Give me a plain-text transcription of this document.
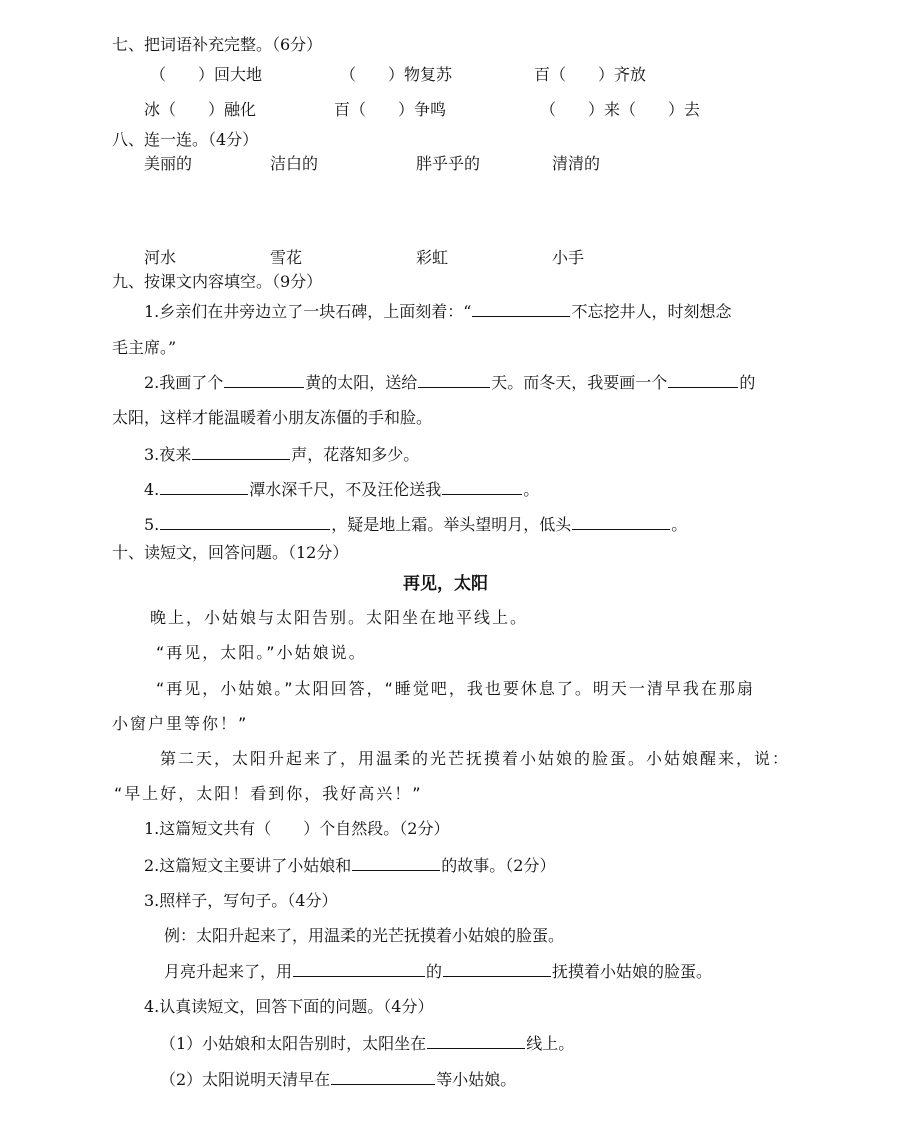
七、把词语补充完整。（6分）
（　　）回大地	（　　）物复苏	百（　　）齐放
冰（　　）融化	百（　　）争鸣	（　　）来（　　）去
八、连一连。（4分）
美丽的	洁白的	胖乎乎的	清清的
河水	雪花	彩虹	小手
九、按课文内容填空。（9分）
1.乡亲们在井旁边立了一块石碑，上面刻着：“	不忘挖井人，时刻想念
毛主席。”
2.我画了个	黄的太阳，送给	天。而冬天，我要画一个	的
太阳，这样才能温暖着小朋友冻僵的手和脸。
3.夜来	声，花落知多少。
4.	潭水深千尺，不及汪伦送我	。
5.	，疑是地上霜。举头望明月，低头	。
十、读短文，回答问题。（12分）
再见，太阳
晚上，小姑娘与太阳告别。太阳坐在地平线上。
“再见，太阳。”小姑娘说。
“再见，小姑娘。”太阳回答，“睡觉吧，我也要休息了。明天一清早我在那扇
小窗户里等你！”
第二天，太阳升起来了，用温柔的光芒抚摸着小姑娘的脸蛋。小姑娘醒来，说：
“早上好，太阳！看到你，我好高兴！”
1.这篇短文共有（　　）个自然段。（2分）
2.这篇短文主要讲了小姑娘和	的故事。（2分）
3.照样子，写句子。（4分）
例：太阳升起来了，用温柔的光芒抚摸着小姑娘的脸蛋。
月亮升起来了，用	的	抚摸着小姑娘的脸蛋。
4.认真读短文，回答下面的问题。（4分）
（1）小姑娘和太阳告别时，太阳坐在	线上。
（2）太阳说明天清早在	等小姑娘。
